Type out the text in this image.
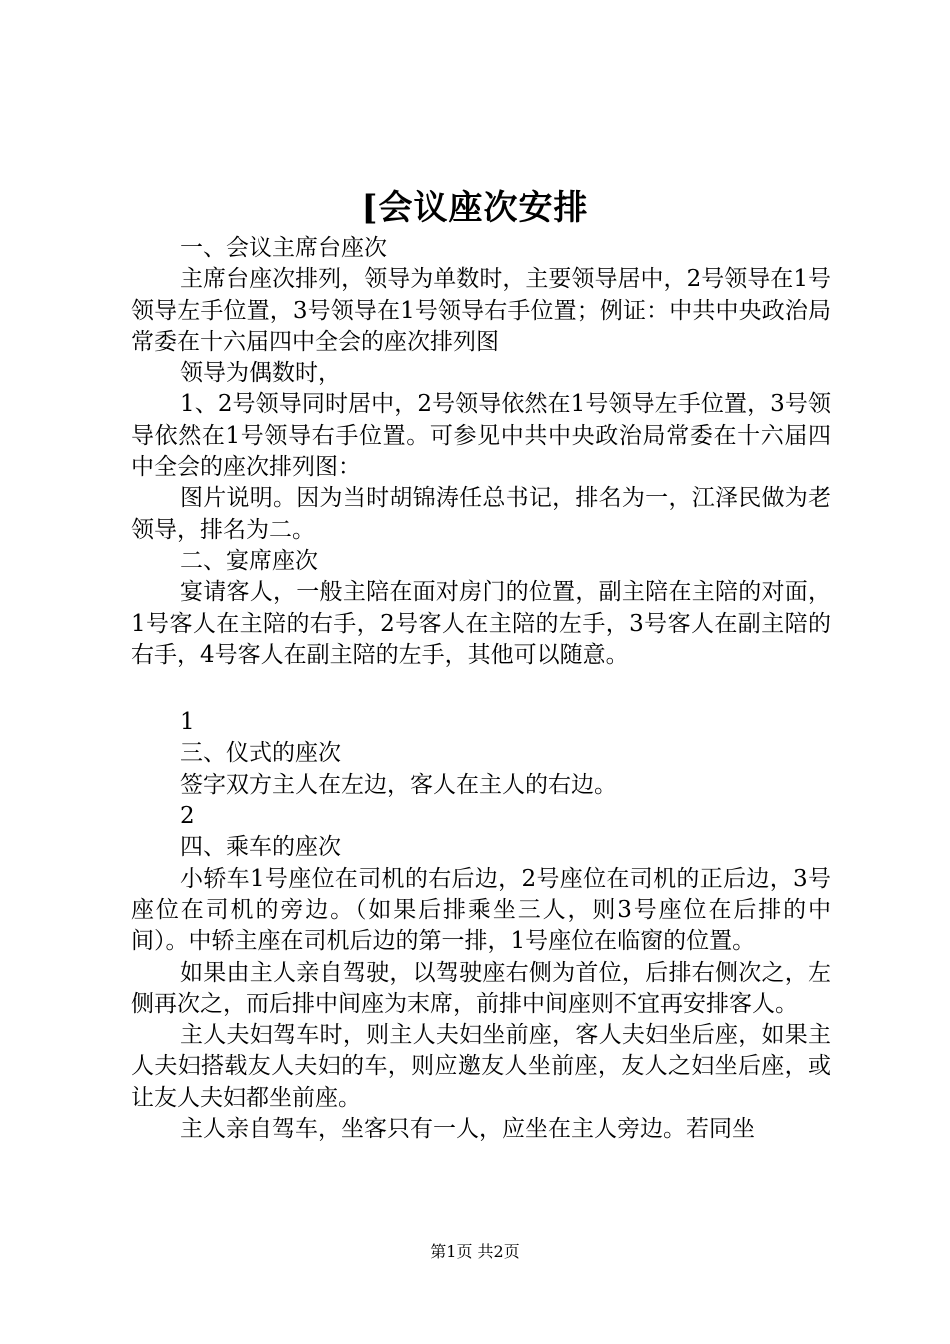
[会议座次安排

一、会议主席台座次

主席台座次排列，领导为单数时，主要领导居中，2号领导在1号领导左手位置，3号领导在1号领导右手位置；例证：中共中央政治局常委在十六届四中全会的座次排列图

领导为偶数时，

1、2号领导同时居中，2号领导依然在1号领导左手位置，3号领导依然在1号领导右手位置。可参见中共中央政治局常委在十六届四中全会的座次排列图：

图片说明。因为当时胡锦涛任总书记，排名为一，江泽民做为老领导，排名为二。

二、宴席座次

宴请客人，一般主陪在面对房门的位置，副主陪在主陪的对面，1号客人在主陪的右手，2号客人在主陪的左手，3号客人在副主陪的右手，4号客人在副主陪的左手，其他可以随意。

1

三、仪式的座次

签字双方主人在左边，客人在主人的右边。

2

四、乘车的座次

小轿车1号座位在司机的右后边，2号座位在司机的正后边，3号座位在司机的旁边。（如果后排乘坐三人，则3号座位在后排的中间）。中轿主座在司机后边的第一排，1号座位在临窗的位置。

如果由主人亲自驾驶，以驾驶座右侧为首位，后排右侧次之，左侧再次之，而后排中间座为末席，前排中间座则不宜再安排客人。

主人夫妇驾车时，则主人夫妇坐前座，客人夫妇坐后座，如果主人夫妇搭载友人夫妇的车，则应邀友人坐前座，友人之妇坐后座，或让友人夫妇都坐前座。

主人亲自驾车，坐客只有一人，应坐在主人旁边。若同坐

第1页 共2页
